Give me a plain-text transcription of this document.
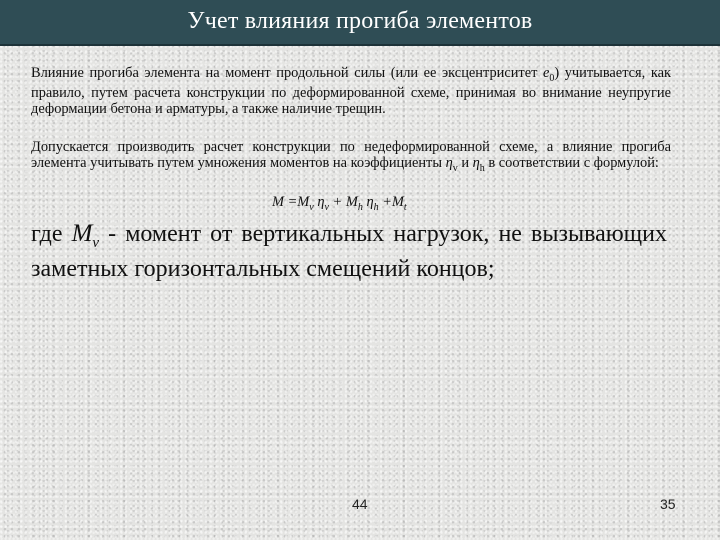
Учет влияния прогиба элементов
Влияние прогиба элемента на момент продольной силы (или ее эксцентриситет $e_0$) учитывается, как правило, путем расчета конструкции по деформированной схеме, принимая во внимание неупругие деформации бетона и арматуры, а также наличие трещин.
Допускается производить расчет конструкции по недеформированной схеме, а влияние прогиба элемента учитывать путем умножения моментов на коэффициенты $\eta_v$ и $\eta_h$ в соответствии с формулой:
$M =M_v$ $\eta_v + M_h$ $\eta_h +M_t$
где $M_v$ - момент от вертикальных нагрузок, не вызывающих заметных горизонтальных смещений концов;
44	35
